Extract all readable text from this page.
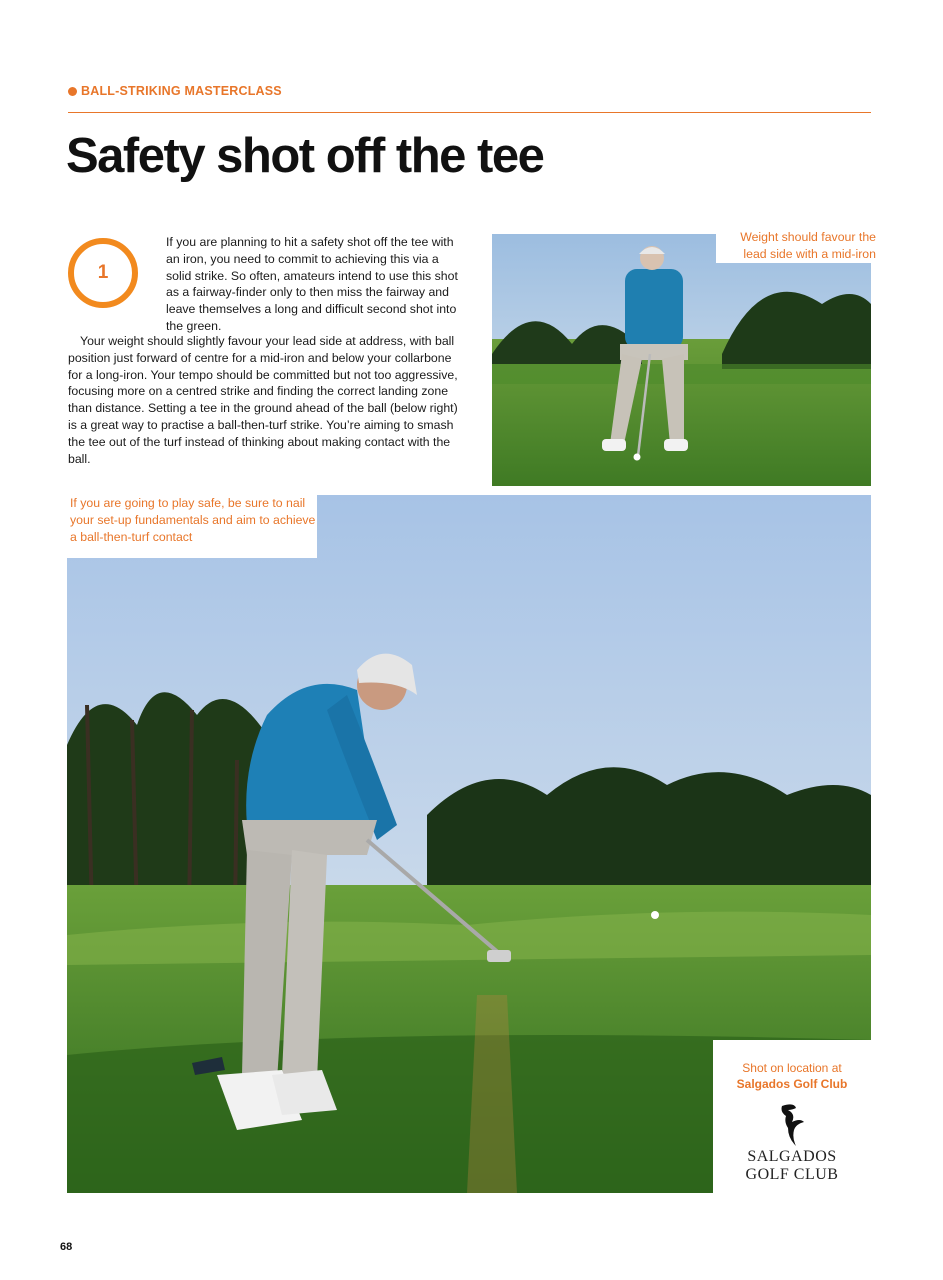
BALL-STRIKING MASTERCLASS
Safety shot off the tee
1
If you are planning to hit a safety shot off the tee with an iron, you need to commit to achieving this via a solid strike. So often, amateurs intend to use this shot as a fairway-finder only to then miss the fairway and leave themselves a long and difficult second shot into the green.
Your weight should slightly favour your lead side at address, with ball position just forward of centre for a mid-iron and below your collarbone for a long-iron. Your tempo should be committed but not too aggressive, focusing more on a centred strike and finding the correct landing zone than distance. Setting a tee in the ground ahead of the ball (below right) is a great way to practise a ball-then-turf strike. You’re aiming to smash the tee out of the turf instead of thinking about making contact with the ball.
Weight should favour the lead side with a mid-iron
If you are going to play safe, be sure to nail your set-up fundamentals and aim to achieve a ball-then-turf contact
Shot on location at
Salgados Golf Club
SALGADOS
GOLF CLUB
68
